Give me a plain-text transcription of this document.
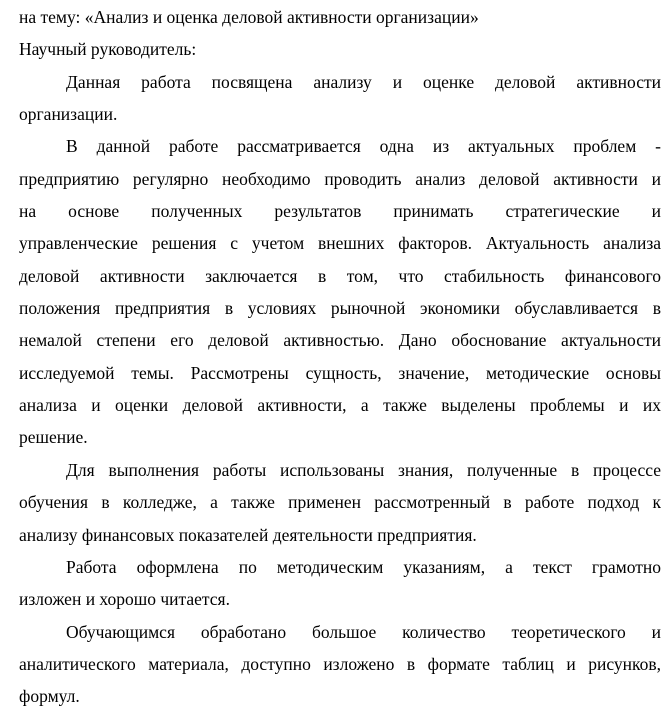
на тему: «Анализ и оценка деловой активности организации»
Научный руководитель:
Данная работа посвящена анализу и оценке деловой активности
организации.
В данной работе рассматривается одна из актуальных проблем -
предприятию регулярно необходимо проводить анализ деловой активности и
на основе полученных результатов принимать стратегические и
управленческие решения с учетом внешних факторов. Актуальность анализа
деловой активности заключается в том, что стабильность финансового
положения предприятия в условиях рыночной экономики обуславливается в
немалой степени его деловой активностью. Дано обоснование актуальности
исследуемой темы. Рассмотрены сущность, значение, методические основы
анализа и оценки деловой активности, а также выделены проблемы и их
решение.
Для выполнения работы использованы знания, полученные в процессе
обучения в колледже, а также применен рассмотренный в работе подход к
анализу финансовых показателей деятельности предприятия.
Работа оформлена по методическим указаниям, а текст грамотно
изложен и хорошо читается.
Обучающимся обработано большое количество теоретического и
аналитического материала, доступно изложено в формате таблиц и рисунков,
формул.
